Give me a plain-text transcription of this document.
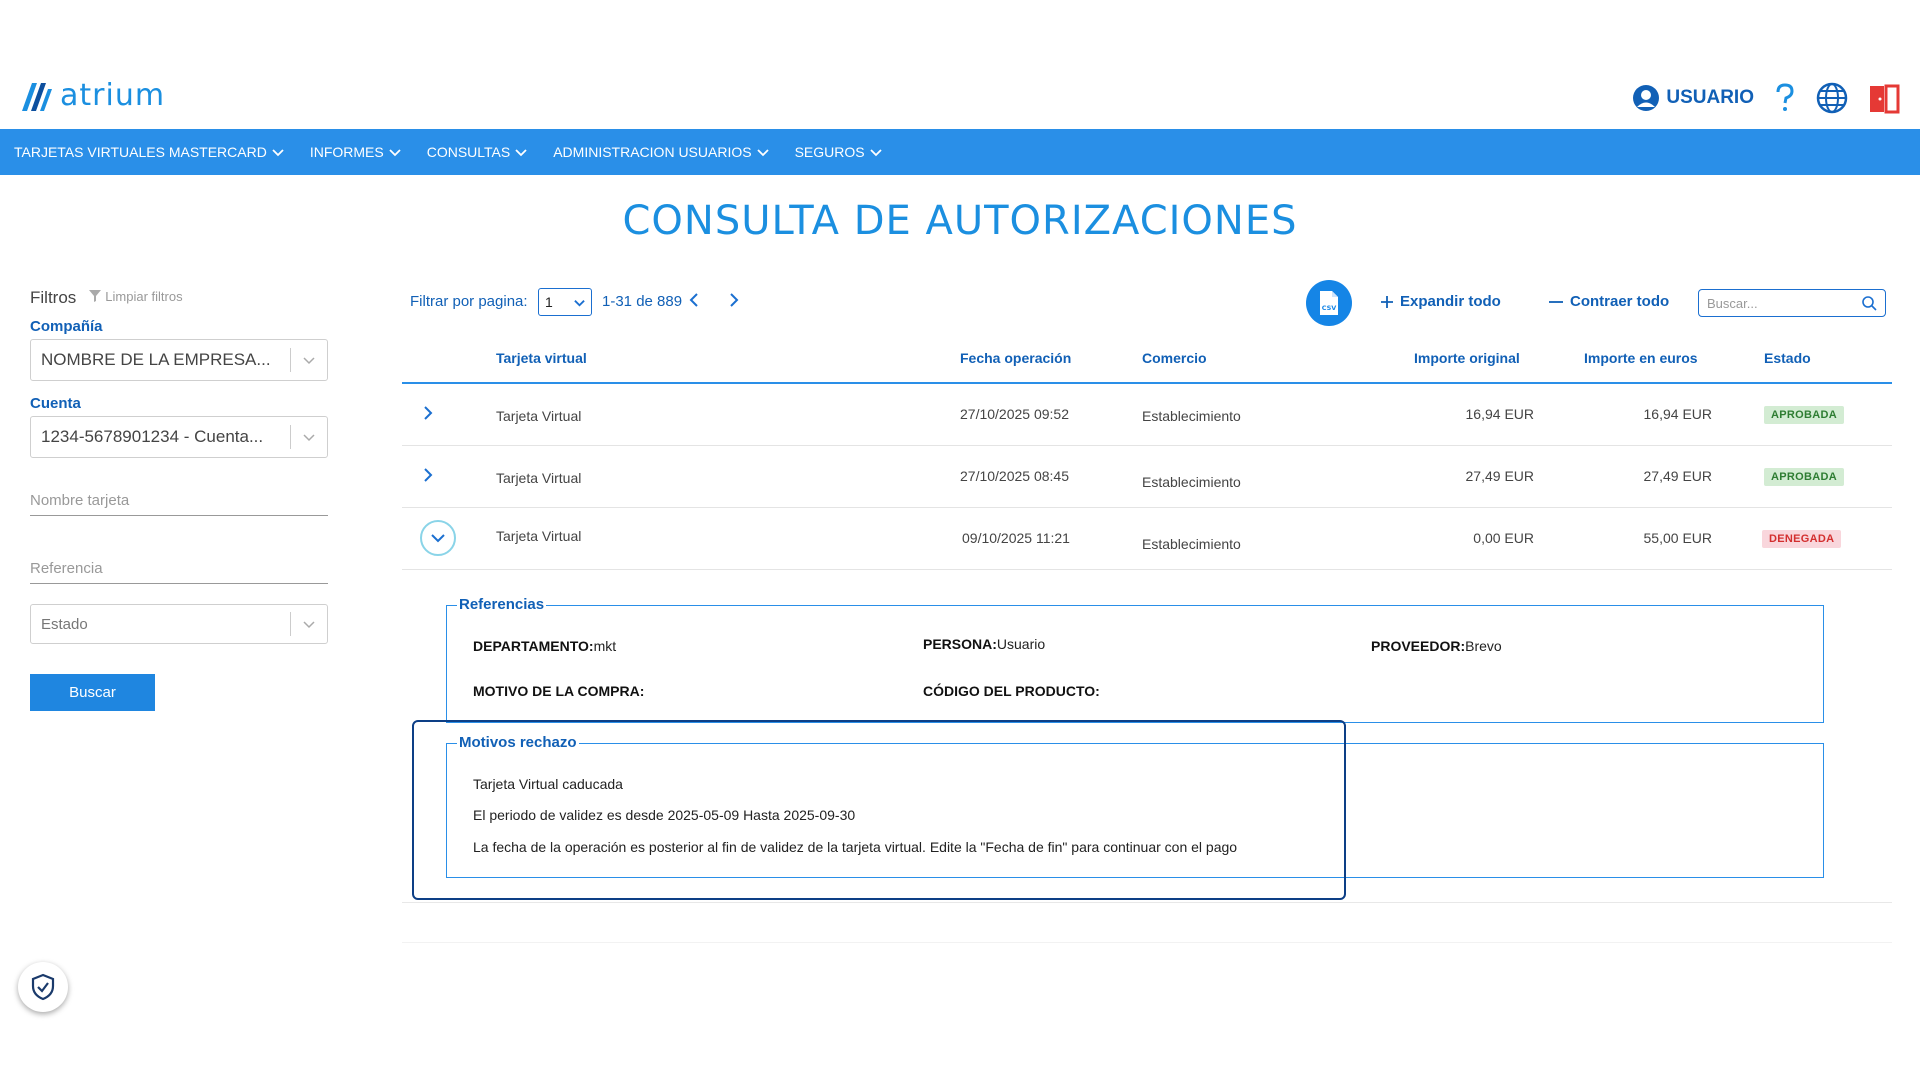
atrium	USUARIO
TARJETAS VIRTUALES MASTERCARD	INFORMES	CONSULTAS	ADMINISTRACION USUARIOS	SEGUROS
CONSULTA DE AUTORIZACIONES
Filtros Limpiar filtros
Compañía
NOMBRE DE LA EMPRESA...
Cuenta
1234-5678901234 - Cuenta...
Nombre tarjeta
Referencia
Estado
Buscar
Filtrar por pagina: 1	1-31 de 889	CSV	Expandir todo	Contraer todo	Buscar...
Tarjeta virtual	Fecha operación	Comercio	Importe original	Importe en euros	Estado
Tarjeta Virtual	27/10/2025 09:52	Establecimiento	16,94 EUR	16,94 EUR	APROBADA
Tarjeta Virtual	27/10/2025 08:45	Establecimiento	27,49 EUR	27,49 EUR	APROBADA
Tarjeta Virtual	09/10/2025 11:21	Establecimiento	0,00 EUR	55,00 EUR	DENEGADA
Referencias
DEPARTAMENTO:mkt	PERSONA:Usuario	PROVEEDOR:Brevo
MOTIVO DE LA COMPRA:	CÓDIGO DEL PRODUCTO:
Motivos rechazo
Tarjeta Virtual caducada
El periodo de validez es desde 2025-05-09 Hasta 2025-09-30
La fecha de la operación es posterior al fin de validez de la tarjeta virtual. Edite la "Fecha de fin" para continuar con el pago
